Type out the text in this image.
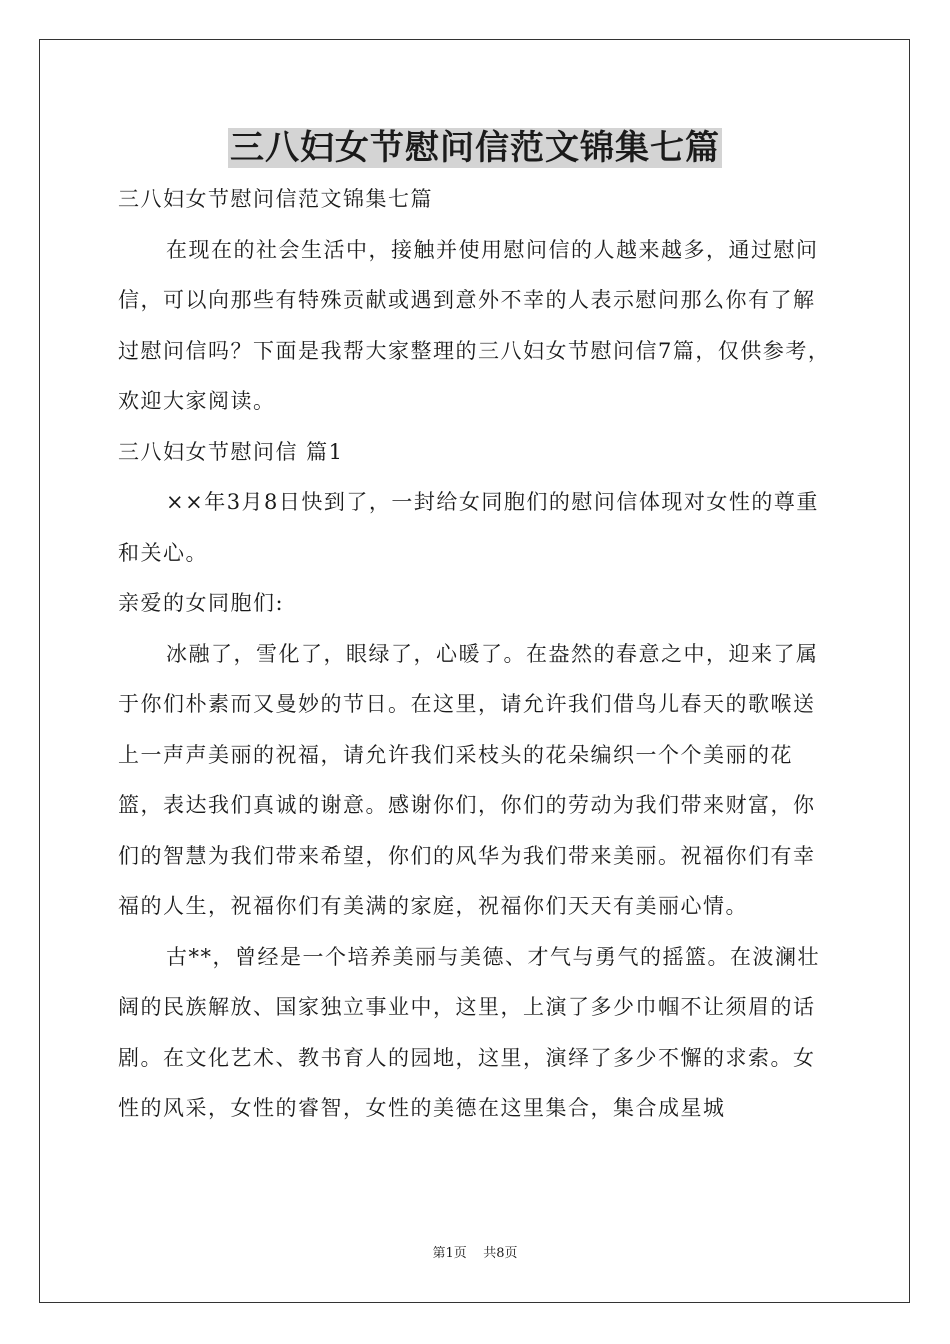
三八妇女节慰问信范文锦集七篇

三八妇女节慰问信范文锦集七篇

在现在的社会生活中，接触并使用慰问信的人越来越多，通过慰问信，可以向那些有特殊贡献或遇到意外不幸的人表示慰问那么你有了解过慰问信吗？下面是我帮大家整理的三八妇女节慰问信7篇，仅供参考，欢迎大家阅读。

三八妇女节慰问信 篇1

××年3月8日快到了，一封给女同胞们的慰问信体现对女性的尊重和关心。

亲爱的女同胞们:

冰融了，雪化了，眼绿了，心暖了。在盎然的春意之中，迎来了属于你们朴素而又曼妙的节日。在这里，请允许我们借鸟儿春天的歌喉送上一声声美丽的祝福，请允许我们采枝头的花朵编织一个个美丽的花篮，表达我们真诚的谢意。感谢你们，你们的劳动为我们带来财富，你们的智慧为我们带来希望，你们的风华为我们带来美丽。祝福你们有幸福的人生，祝福你们有美满的家庭，祝福你们天天有美丽心情。

古**，曾经是一个培养美丽与美德、才气与勇气的摇篮。在波澜壮阔的民族解放、国家独立事业中，这里，上演了多少巾帼不让须眉的话剧。在文化艺术、教书育人的园地，这里，演绎了多少不懈的求索。女性的风采，女性的睿智，女性的美德在这里集合，集合成星城

第1页    共8页
